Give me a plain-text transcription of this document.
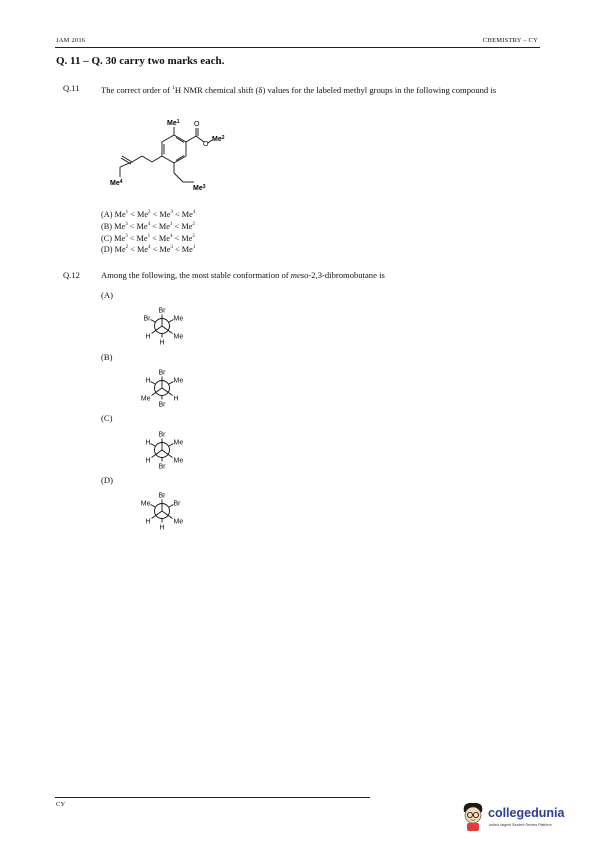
JAM 2016	CHEMISTRY – CY
Q. 11 – Q. 30 carry two marks each.
Q.11 The correct order of $^1$H NMR chemical shift (δ) values for the labeled methyl groups in the following compound is
Me$^1$ O
O
Me$^2$
Me$^3$
Me$^4$
(A) $Me^1 < Me^2 < Me^3 < Me^4$
(B) $Me^3 < Me^4 < Me^1 < Me^2$
(C) $Me^3 < Me^1 < Me^4 < Me^2$
(D) $Me^2 < Me^4 < Me^3 < Me^1$
Q.12 Among the following, the most stable conformation of meso-2,3-dibromobutane is
(A)
(B)
(C)
(D)
Br
H	Me
Br	Me
H
Br
Me	H
H	Me
Br
Br
H	Me
H	Me
Br
Br
H	Me
Me	Br
H
CY
collegedunia
India's largest Student Review Platform
